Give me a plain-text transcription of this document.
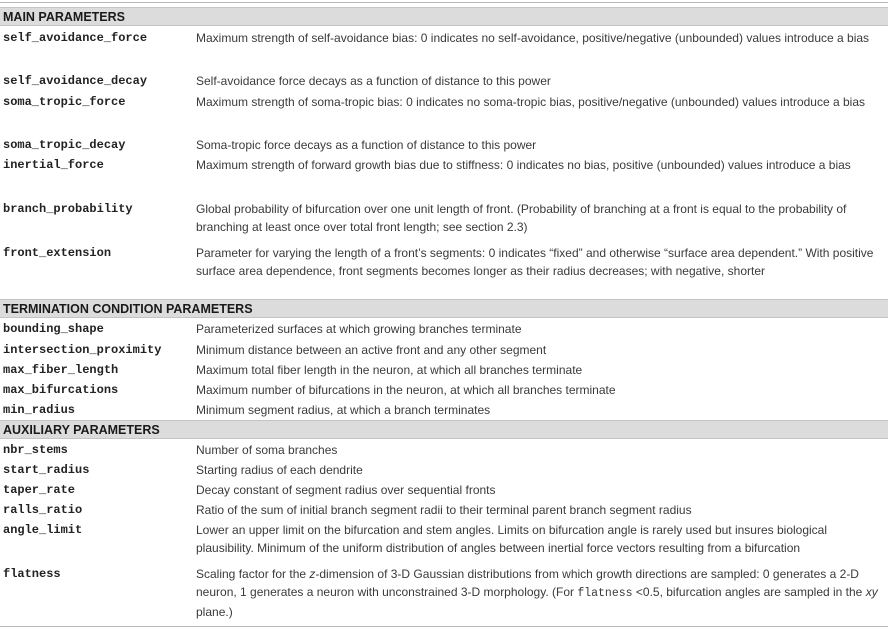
MAIN PARAMETERS
self_avoidance_force	Maximum strength of self-avoidance bias: 0 indicates no self-avoidance, positive/negative (unbounded) values introduce a bias
self_avoidance_decay	Self-avoidance force decays as a function of distance to this power
soma_tropic_force	Maximum strength of soma-tropic bias: 0 indicates no soma-tropic bias, positive/negative (unbounded) values introduce a bias
soma_tropic_decay	Soma-tropic force decays as a function of distance to this power
inertial_force	Maximum strength of forward growth bias due to stiffness: 0 indicates no bias, positive (unbounded) values introduce a bias
branch_probability	Global probability of bifurcation over one unit length of front. (Probability of branching at a front is equal to the probability of branching at least once over total front length; see section 2.3)
front_extension	Parameter for varying the length of a front’s segments: 0 indicates “fixed” and otherwise “surface area dependent.” With positive surface area dependence, front segments becomes longer as their radius decreases; with negative, shorter
TERMINATION CONDITION PARAMETERS
bounding_shape	Parameterized surfaces at which growing branches terminate
intersection_proximity	Minimum distance between an active front and any other segment
max_fiber_length	Maximum total fiber length in the neuron, at which all branches terminate
max_bifurcations	Maximum number of bifurcations in the neuron, at which all branches terminate
min_radius	Minimum segment radius, at which a branch terminates
AUXILIARY PARAMETERS
nbr_stems	Number of soma branches
start_radius	Starting radius of each dendrite
taper_rate	Decay constant of segment radius over sequential fronts
ralls_ratio	Ratio of the sum of initial branch segment radii to their terminal parent branch segment radius
angle_limit	Lower an upper limit on the bifurcation and stem angles. Limits on bifurcation angle is rarely used but insures biological plausibility. Minimum of the uniform distribution of angles between inertial force vectors resulting from a bifurcation
flatness	Scaling factor for the z-dimension of 3-D Gaussian distributions from which growth directions are sampled: 0 generates a 2-D neuron, 1 generates a neuron with unconstrained 3-D morphology. (For flatness <0.5, bifurcation angles are sampled in the xy plane.)
